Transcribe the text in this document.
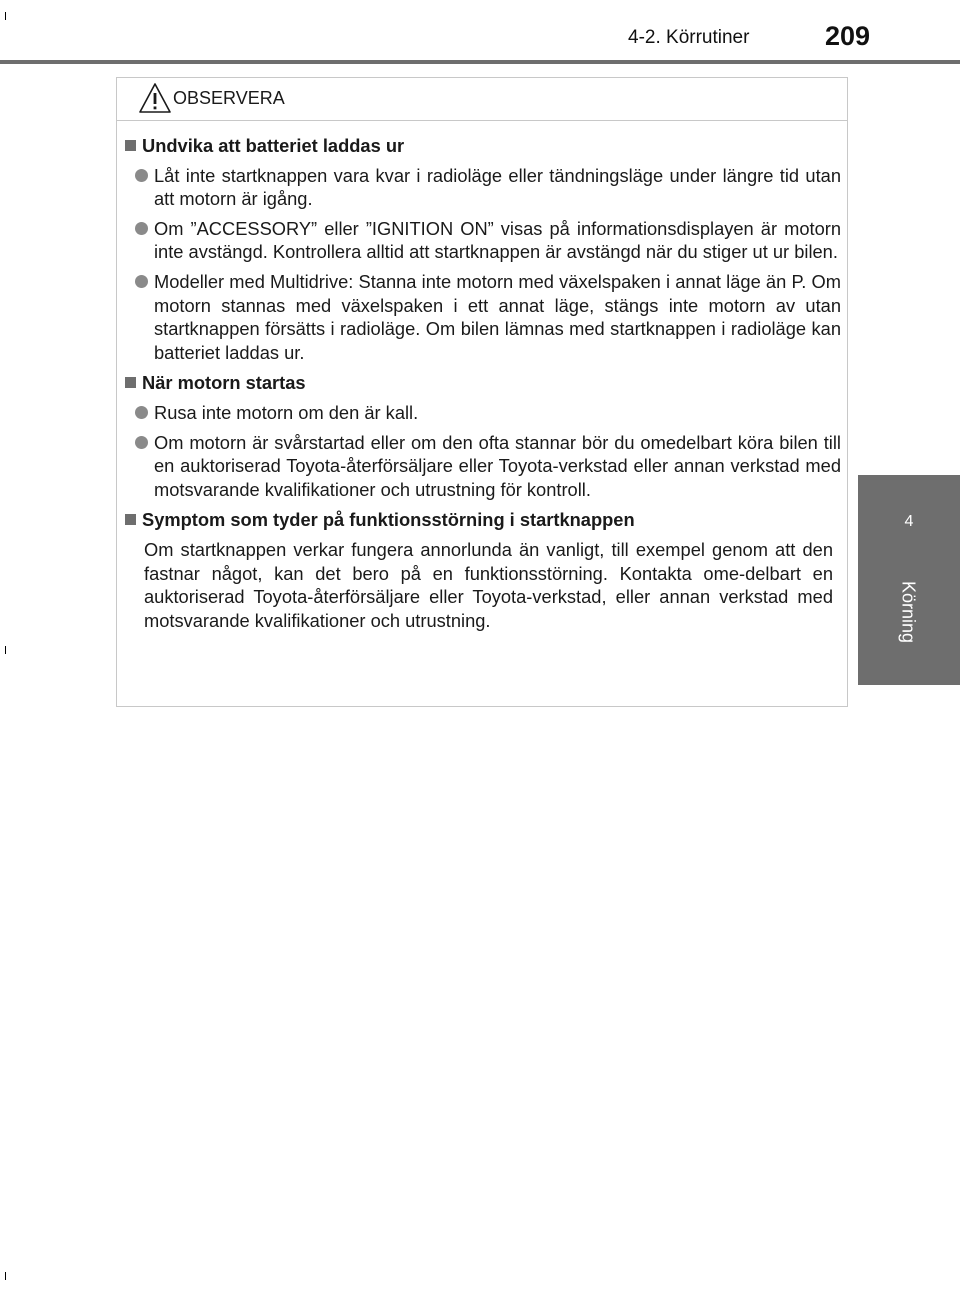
4-2. Körrutiner	209
4
Körning
OBSERVERA
Undvika att batteriet laddas ur
Låt inte startknappen vara kvar i radioläge eller tändningsläge under längre tid utan att motorn är igång.
Om ”ACCESSORY” eller ”IGNITION ON” visas på informationsdisplayen är motorn inte avstängd. Kontrollera alltid att startknappen är avstängd när du stiger ut ur bilen.
Modeller med Multidrive: Stanna inte motorn med växelspaken i annat läge än P. Om motorn stannas med växelspaken i ett annat läge, stängs inte motorn av utan startknappen försätts i radioläge. Om bilen lämnas med startknappen i radioläge kan batteriet laddas ur.
När motorn startas
Rusa inte motorn om den är kall.
Om motorn är svårstartad eller om den ofta stannar bör du omedelbart köra bilen till en auktoriserad Toyota-återförsäljare eller Toyota-verkstad eller annan verkstad med motsvarande kvalifikationer och utrustning för kontroll.
Symptom som tyder på funktionsstörning i startknappen
Om startknappen verkar fungera annorlunda än vanligt, till exempel genom att den fastnar något, kan det bero på en funktionsstörning. Kontakta ome-delbart en auktoriserad Toyota-återförsäljare eller Toyota-verkstad, eller annan verkstad med motsvarande kvalifikationer och utrustning.
